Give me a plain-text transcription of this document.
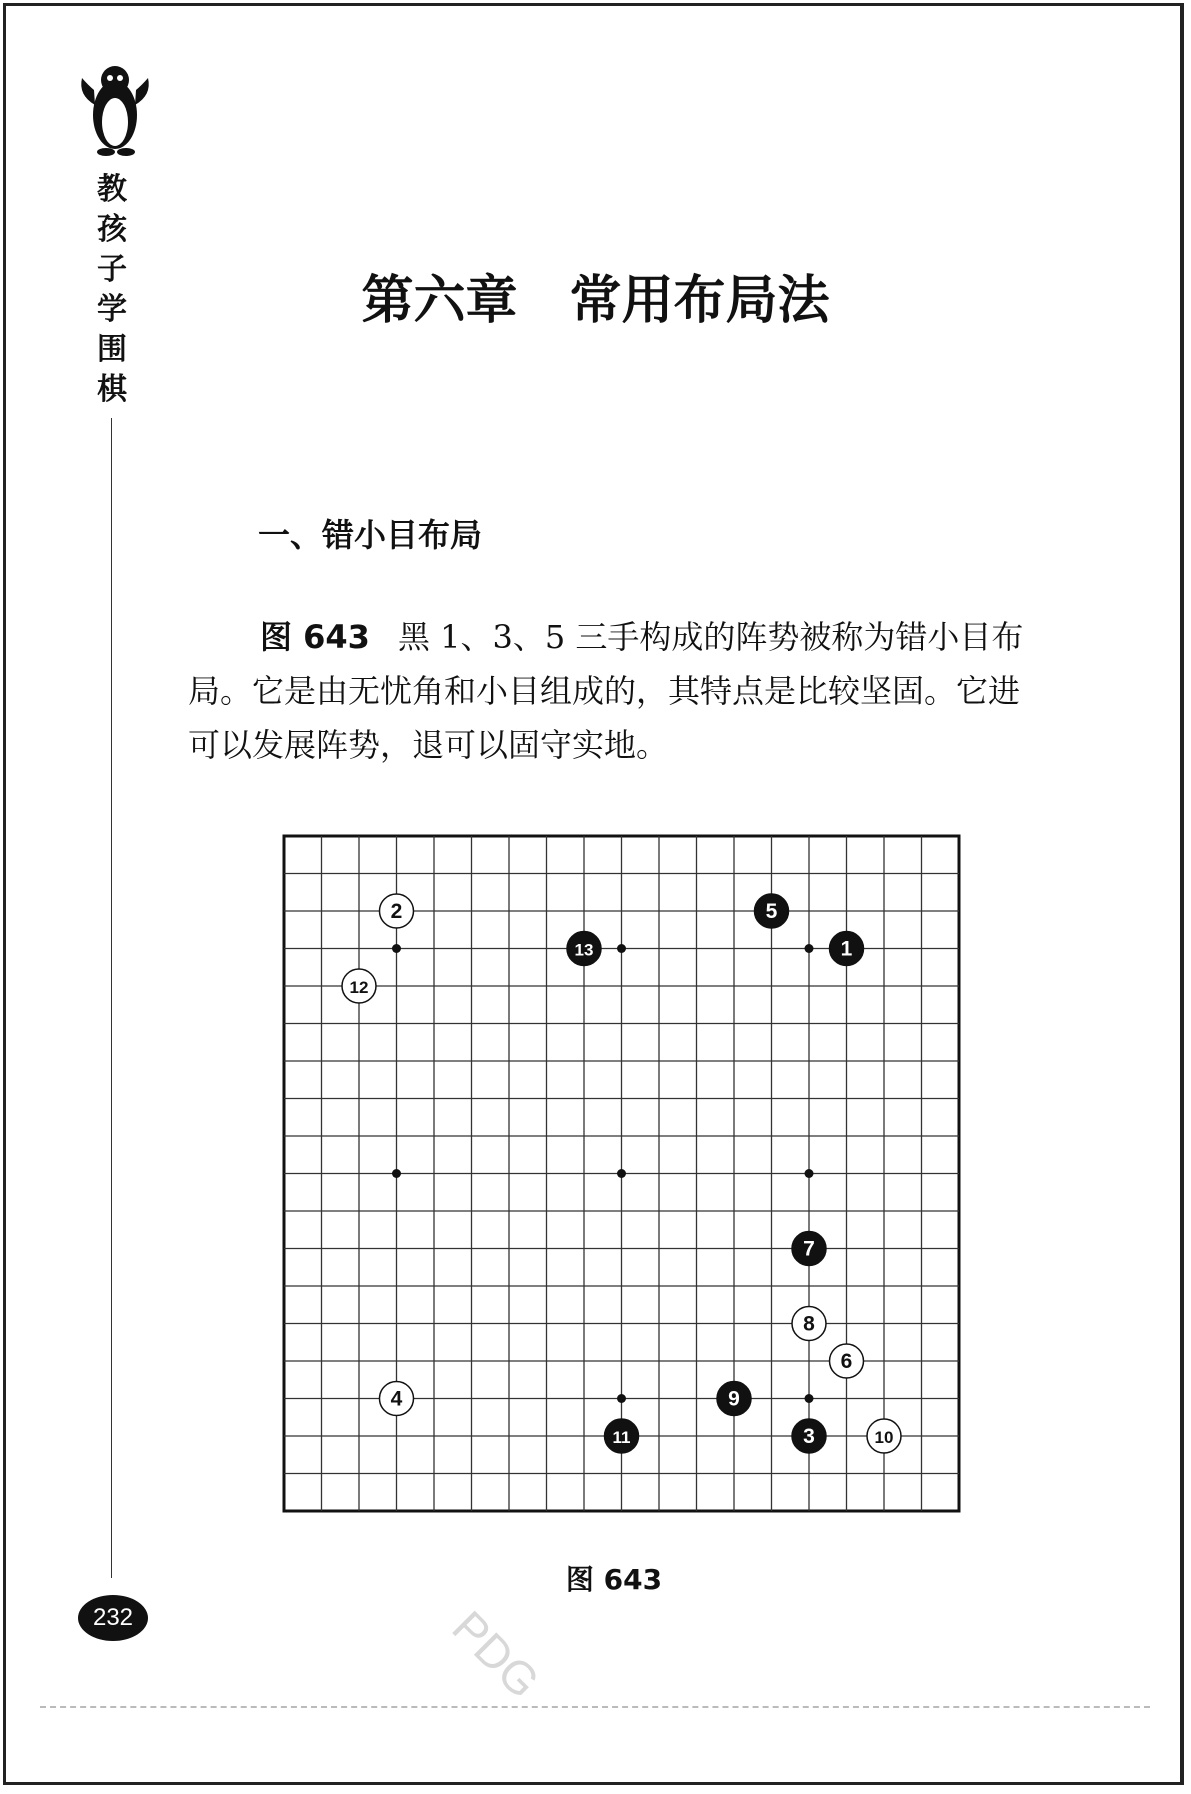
教孩子学围棋
232
第六章　常用布局法
一、错小目布局
图 643 黑 1、3、5 三手构成的阵势被称为错小目布局。它是由无忧角和小目组成的，其特点是比较坚固。它进可以发展阵势，退可以固守实地。
1
2
3
4
5
6
7
8
9
10
11
12
13
图 643
PDG
